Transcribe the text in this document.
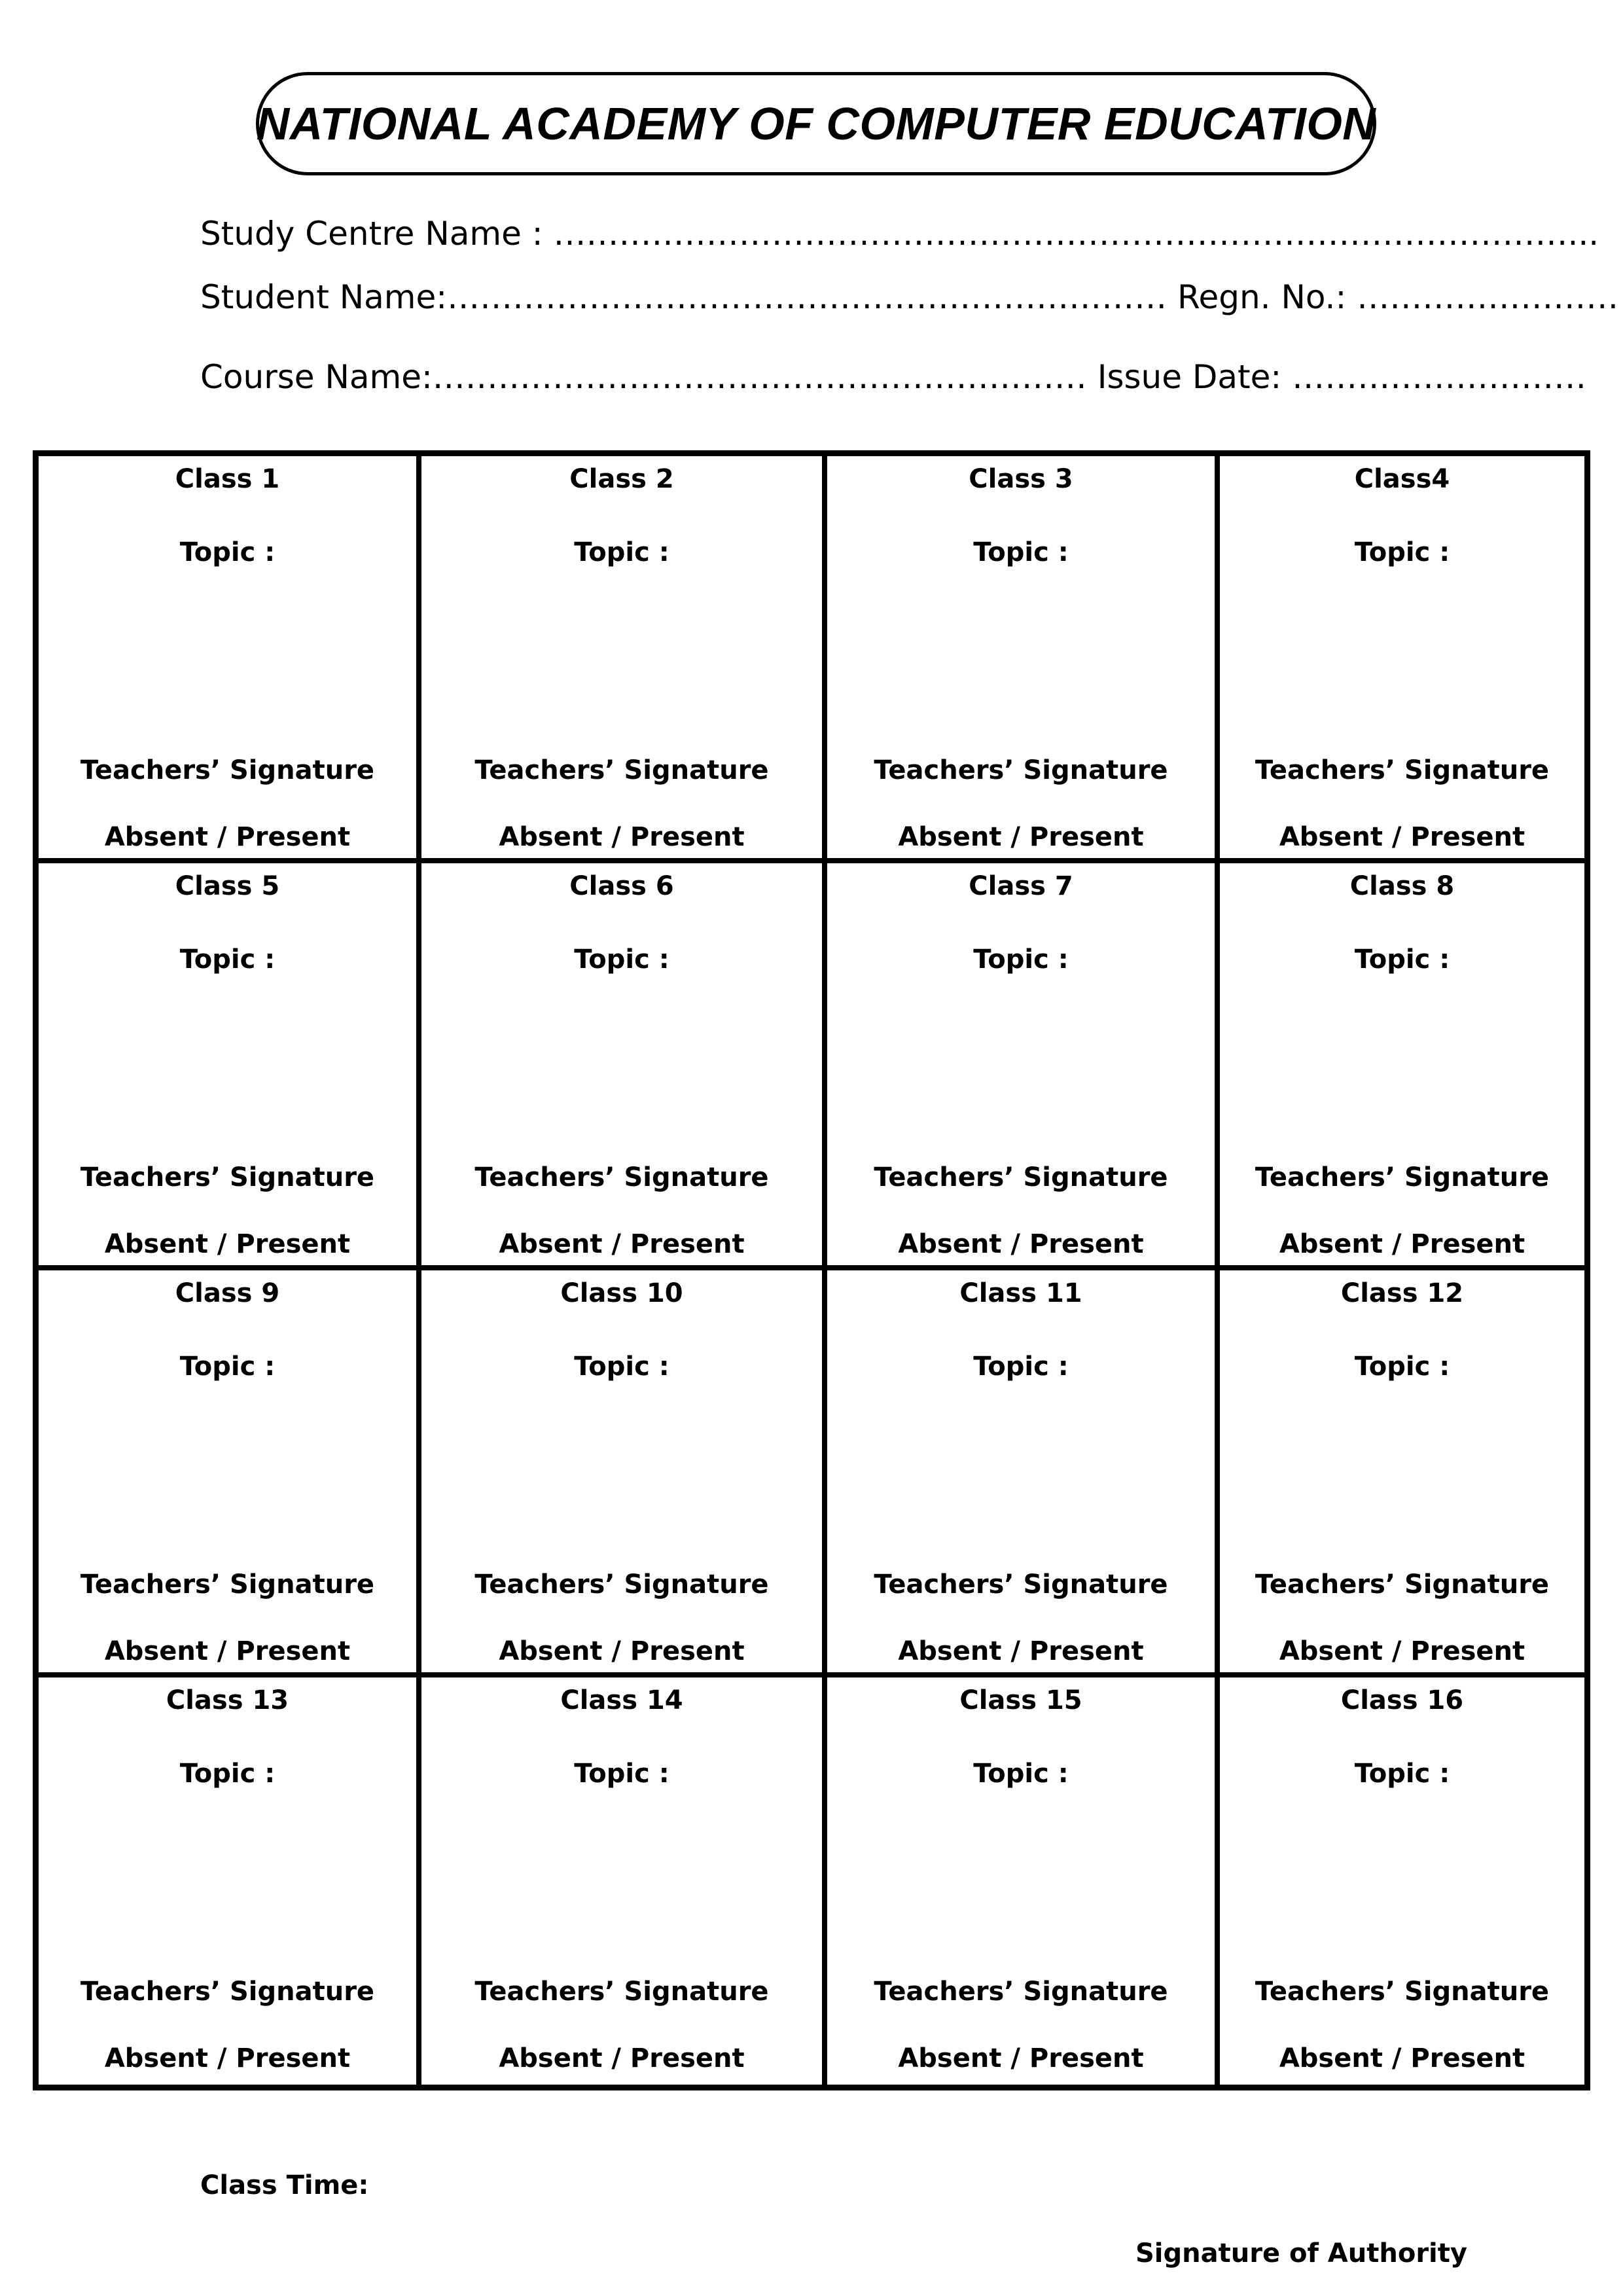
NATIONAL ACADEMY OF COMPUTER EDUCATION
Study Centre Name : …………………………………………………………………………………...
Student Name:………………………………………………………… Regn. No.: ……………………
Course Name:…………………………………………………… Issue Date: ………………………
Class 1
Topic :
Teachers’ Signature
Absent / Present
Class 2
Topic :
Teachers’ Signature
Absent / Present
Class 3
Topic :
Teachers’ Signature
Absent / Present
Class4
Topic :
Teachers’ Signature
Absent / Present
Class 5
Topic :
Teachers’ Signature
Absent / Present
Class 6
Topic :
Teachers’ Signature
Absent / Present
Class 7
Topic :
Teachers’ Signature
Absent / Present
Class 8
Topic :
Teachers’ Signature
Absent / Present
Class 9
Topic :
Teachers’ Signature
Absent / Present
Class 10
Topic :
Teachers’ Signature
Absent / Present
Class 11
Topic :
Teachers’ Signature
Absent / Present
Class 12
Topic :
Teachers’ Signature
Absent / Present
Class 13
Topic :
Teachers’ Signature
Absent / Present
Class 14
Topic :
Teachers’ Signature
Absent / Present
Class 15
Topic :
Teachers’ Signature
Absent / Present
Class 16
Topic :
Teachers’ Signature
Absent / Present
Class Time:
Signature of Authority
